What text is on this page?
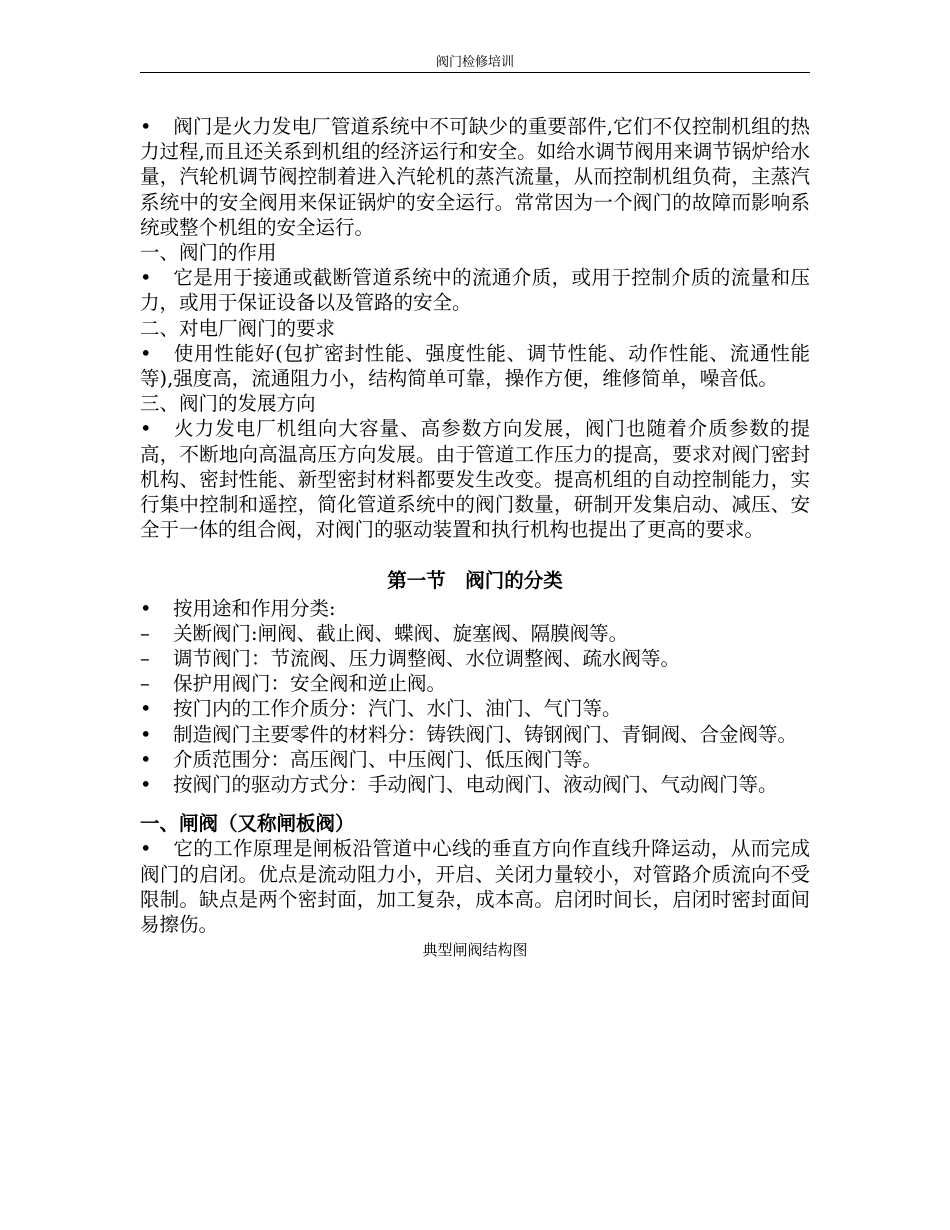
阀门检修培训

• 阀门是火力发电厂管道系统中不可缺少的重要部件,它们不仅控制机组的热力过程,而且还关系到机组的经济运行和安全。如给水调节阀用来调节锅炉给水量，汽轮机调节阀控制着进入汽轮机的蒸汽流量，从而控制机组负荷，主蒸汽系统中的安全阀用来保证锅炉的安全运行。常常因为一个阀门的故障而影响系统或整个机组的安全运行。

一、阀门的作用

• 它是用于接通或截断管道系统中的流通介质，或用于控制介质的流量和压力，或用于保证设备以及管路的安全。

二、对电厂阀门的要求

• 使用性能好(包扩密封性能、强度性能、调节性能、动作性能、流通性能等),强度高，流通阻力小，结构简单可靠，操作方便，维修简单，噪音低。

三、阀门的发展方向

• 火力发电厂机组向大容量、高参数方向发展，阀门也随着介质参数的提高，不断地向高温高压方向发展。由于管道工作压力的提高，要求对阀门密封机构、密封性能、新型密封材料都要发生改变。提高机组的自动控制能力，实行集中控制和遥控，简化管道系统中的阀门数量，研制开发集启动、减压、安全于一体的组合阀，对阀门的驱动装置和执行机构也提出了更高的要求。

第一节　阀门的分类

• 按用途和作用分类:

– 关断阀门:闸阀、截止阀、蝶阀、旋塞阀、隔膜阀等。

– 调节阀门：节流阀、压力调整阀、水位调整阀、疏水阀等。

– 保护用阀门：安全阀和逆止阀。

• 按门内的工作介质分：汽门、水门、油门、气门等。

• 制造阀门主要零件的材料分：铸铁阀门、铸钢阀门、青铜阀、合金阀等。

• 介质范围分：高压阀门、中压阀门、低压阀门等。

• 按阀门的驱动方式分：手动阀门、电动阀门、液动阀门、气动阀门等。

一、闸阀（又称闸板阀）

• 它的工作原理是闸板沿管道中心线的垂直方向作直线升降运动，从而完成阀门的启闭。优点是流动阻力小，开启、关闭力量较小，对管路介质流向不受限制。缺点是两个密封面，加工复杂，成本高。启闭时间长，启闭时密封面间易擦伤。

典型闸阀结构图
